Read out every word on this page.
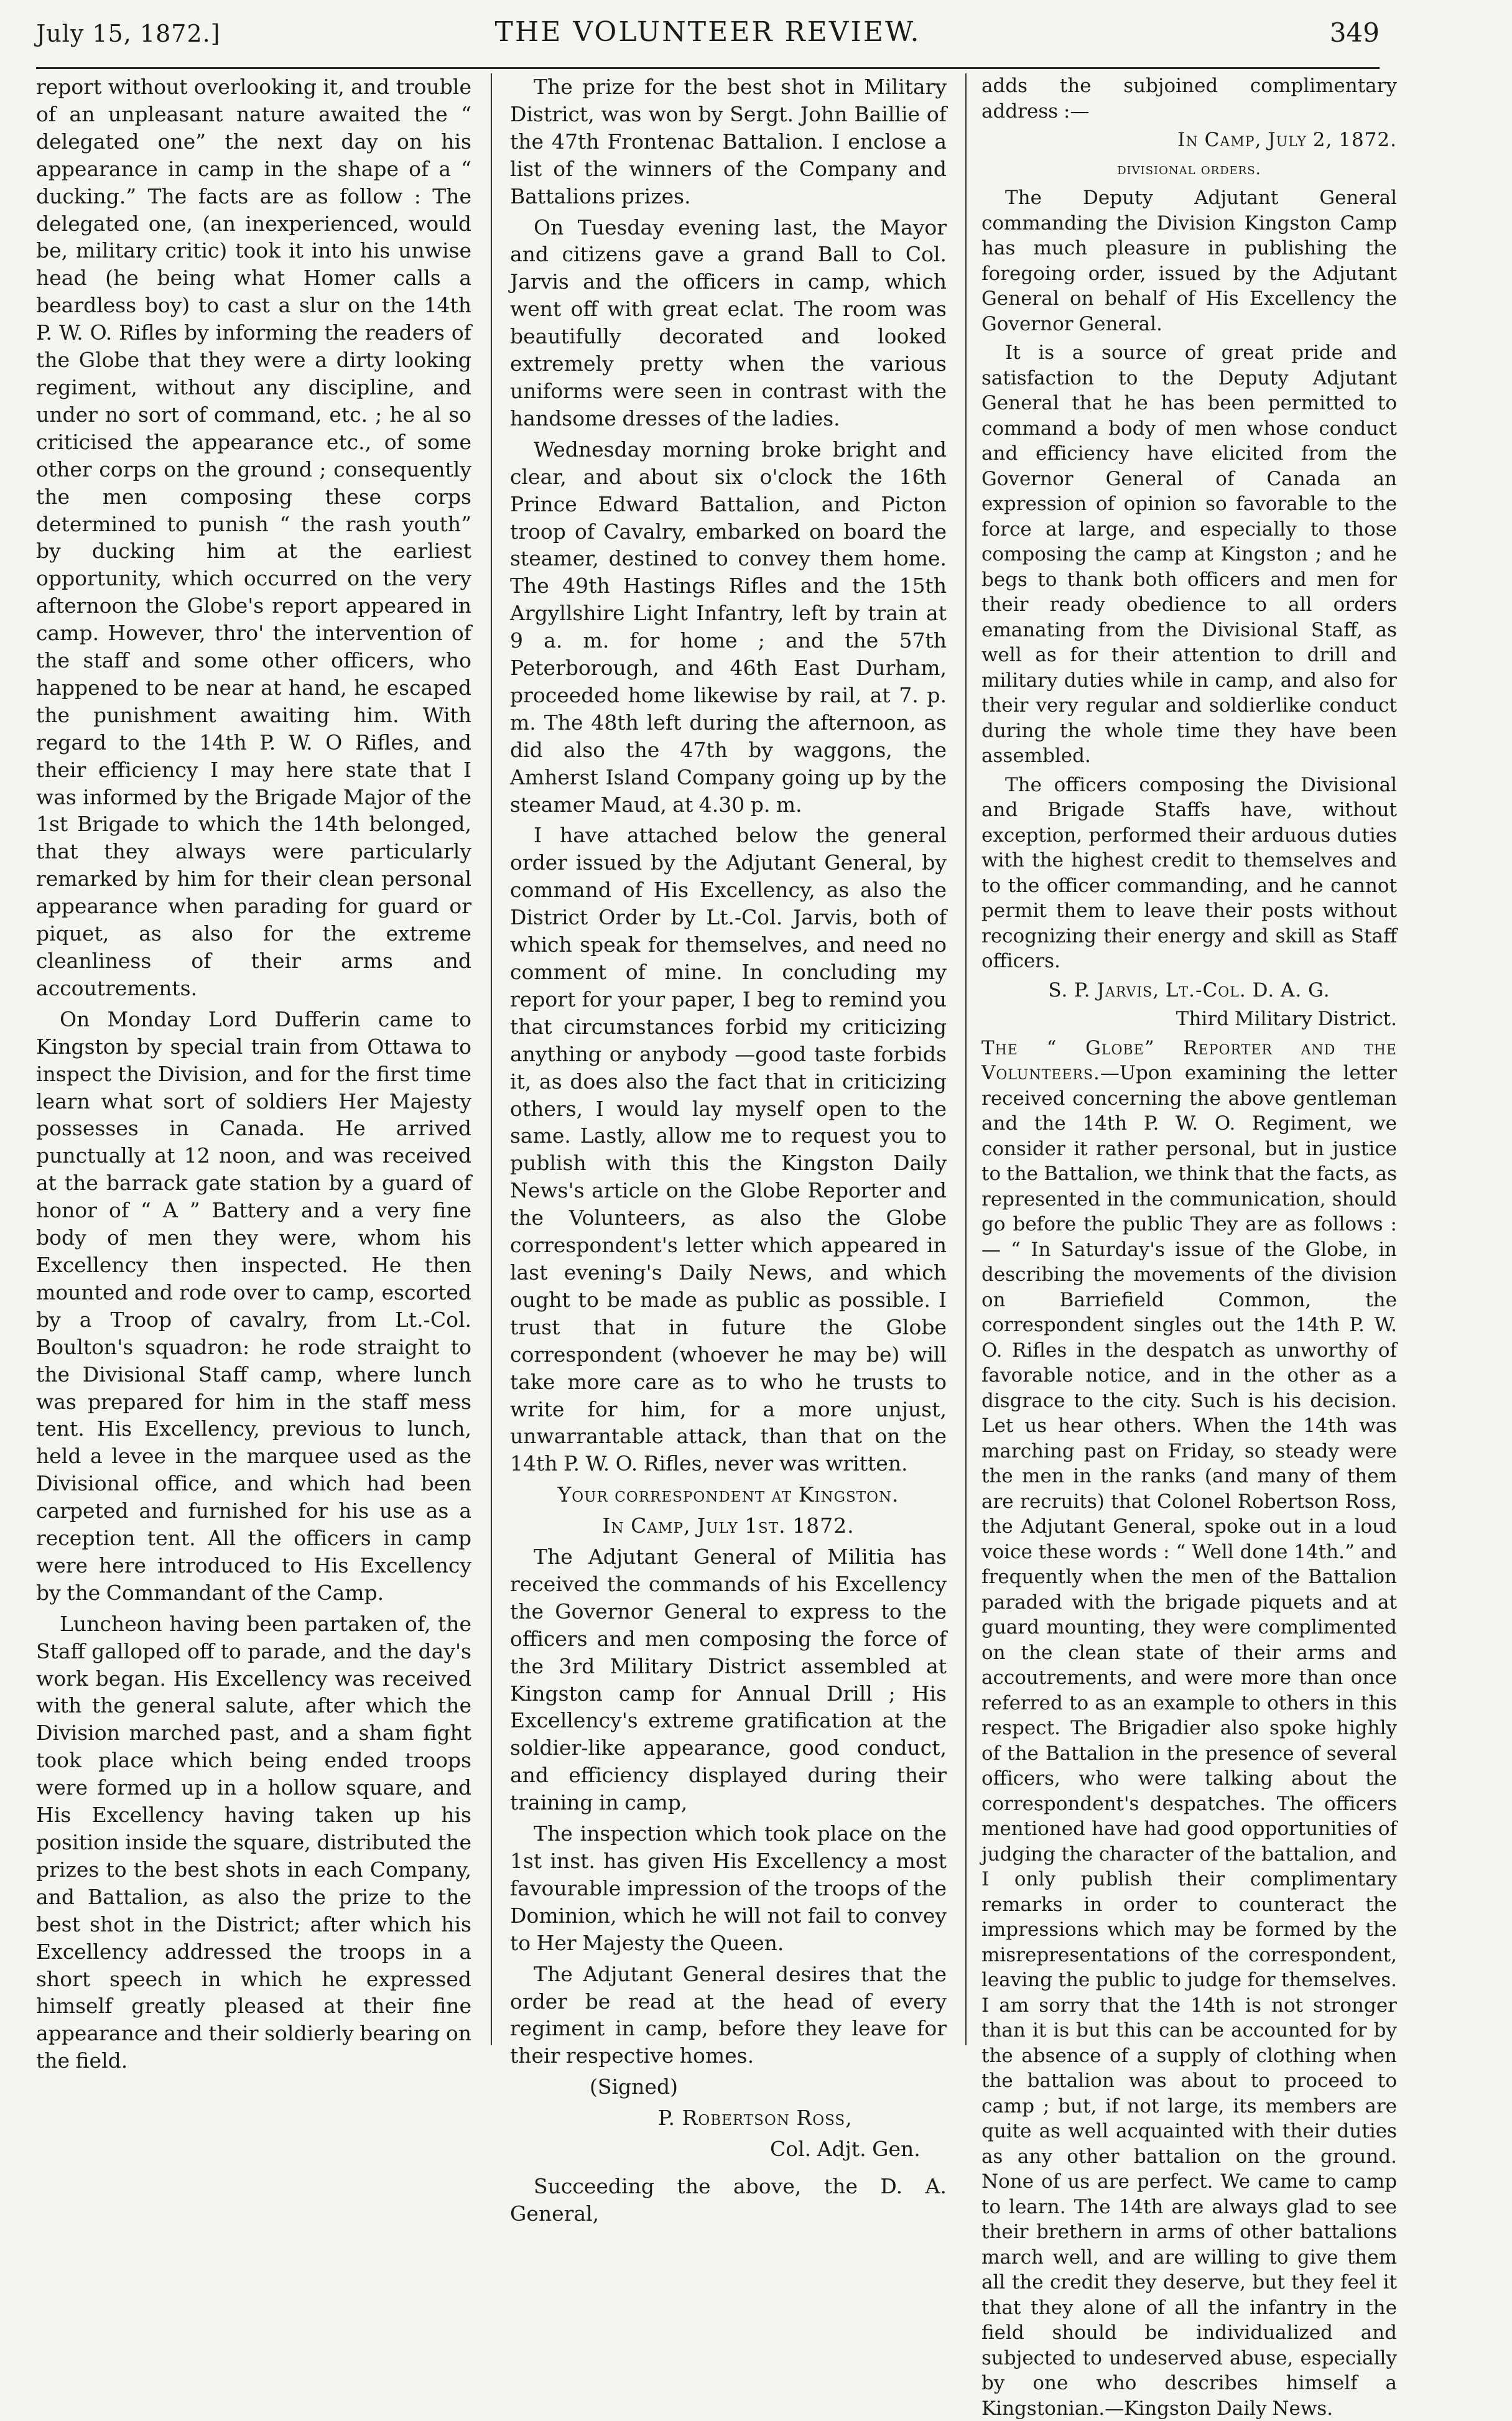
July 15, 1872.]	THE VOLUNTEER REVIEW.	349

report without overlooking it, and trouble of an unpleasant nature awaited the “ delegated one” the next day on his appearance in camp in the shape of a “ ducking.” The facts are as follow : The delegated one, (an inexperienced, would be, military critic) took it into his unwise head (he being what Homer calls a beardless boy) to cast a slur on the 14th P. W. O. Rifles by informing the readers of the Globe that they were a dirty looking regiment, without any discipline, and under no sort of command, etc. ; he al so criticised the appearance etc., of some other corps on the ground ; consequently the men composing these corps determined to punish “ the rash youth” by ducking him at the earliest opportunity, which occurred on the very afternoon the Globe's report appeared in camp. However, thro' the intervention of the staff and some other officers, who happened to be near at hand, he escaped the punishment awaiting him. With regard to the 14th P. W. O Rifles, and their efficiency I may here state that I was informed by the Brigade Major of the 1st Brigade to which the 14th belonged, that they always were particularly remarked by him for their clean personal appearance when parading for guard or piquet, as also for the extreme cleanliness of their arms and accoutrements.

On Monday Lord Dufferin came to Kingston by special train from Ottawa to inspect the Division, and for the first time learn what sort of soldiers Her Majesty possesses in Canada. He arrived punctually at 12 noon, and was received at the barrack gate station by a guard of honor of “ A ” Battery and a very fine body of men they were, whom his Excellency then inspected. He then mounted and rode over to camp, escorted by a Troop of cavalry, from Lt.-Col. Boulton's squadron: he rode straight to the Divisional Staff camp, where lunch was prepared for him in the staff mess tent. His Excellency, previous to lunch, held a levee in the marquee used as the Divisional office, and which had been carpeted and furnished for his use as a reception tent. All the officers in camp were here introduced to His Excellency by the Commandant of the Camp.

Luncheon having been partaken of, the Staff galloped off to parade, and the day's work began. His Excellency was received with the general salute, after which the Division marched past, and a sham fight took place which being ended troops were formed up in a hollow square, and His Excellency having taken up his position inside the square, distributed the prizes to the best shots in each Company, and Battalion, as also the prize to the best shot in the District; after which his Excellency addressed the troops in a short speech in which he expressed himself greatly pleased at their fine appearance and their soldierly bearing on the field.

The prize for the best shot in Military District, was won by Sergt. John Baillie of the 47th Frontenac Battalion. I enclose a list of the winners of the Company and Battalions prizes.

On Tuesday evening last, the Mayor and citizens gave a grand Ball to Col. Jarvis and the officers in camp, which went off with great eclat. The room was beautifully decorated and looked extremely pretty when the various uniforms were seen in contrast with the handsome dresses of the ladies.

Wednesday morning broke bright and clear, and about six o'clock the 16th Prince Edward Battalion, and Picton troop of Cavalry, embarked on board the steamer, destined to convey them home. The 49th Hastings Rifles and the 15th Argyllshire Light Infantry, left by train at 9 a. m. for home ; and the 57th Peterborough, and 46th East Durham, proceeded home likewise by rail, at 7. p. m. The 48th left during the afternoon, as did also the 47th by waggons, the Amherst Island Company going up by the steamer Maud, at 4.30 p. m.

I have attached below the general order issued by the Adjutant General, by command of His Excellency, as also the District Order by Lt.-Col. Jarvis, both of which speak for themselves, and need no comment of mine. In concluding my report for your paper, I beg to remind you that circumstances forbid my criticizing anything or anybody —good taste forbids it, as does also the fact that in criticizing others, I would lay myself open to the same. Lastly, allow me to request you to publish with this the Kingston Daily News's article on the Globe Reporter and the Volunteers, as also the Globe correspondent's letter which appeared in last evening's Daily News, and which ought to be made as public as possible. I trust that in future the Globe correspondent (whoever he may be) will take more care as to who he trusts to write for him, for a more unjust, unwarrantable attack, than that on the 14th P. W. O. Rifles, never was written.

Your correspondent at Kingston.

In Camp, July 1st. 1872.

The Adjutant General of Militia has received the commands of his Excellency the Governor General to express to the officers and men composing the force of the 3rd Military District assembled at Kingston camp for Annual Drill ; His Excellency's extreme gratification at the soldier-like appearance, good conduct, and efficiency displayed during their training in camp,

The inspection which took place on the 1st inst. has given His Excellency a most favourable impression of the troops of the Dominion, which he will not fail to convey to Her Majesty the Queen.

The Adjutant General desires that the order be read at the head of every regiment in camp, before they leave for their respective homes.

(Signed)

P. Robertson Ross,

Col. Adjt. Gen.

Succeeding the above, the D. A. General,

adds the subjoined complimentary address :—

In Camp, July 2, 1872.

divisional orders.

The Deputy Adjutant General commanding the Division Kingston Camp has much pleasure in publishing the foregoing order, issued by the Adjutant General on behalf of His Excellency the Governor General.

It is a source of great pride and satisfaction to the Deputy Adjutant General that he has been permitted to command a body of men whose conduct and efficiency have elicited from the Governor General of Canada an expression of opinion so favorable to the force at large, and especially to those composing the camp at Kingston ; and he begs to thank both officers and men for their ready obedience to all orders emanating from the Divisional Staff, as well as for their attention to drill and military duties while in camp, and also for their very regular and soldierlike conduct during the whole time they have been assembled.

The officers composing the Divisional and Brigade Staffs have, without exception, performed their arduous duties with the highest credit to themselves and to the officer commanding, and he cannot permit them to leave their posts without recognizing their energy and skill as Staff officers.

S. P. Jarvis, Lt.-Col. D. A. G.

Third Military District.

The “ Globe” Reporter and the Volunteers.—Upon examining the letter received concerning the above gentleman and the 14th P. W. O. Regiment, we consider it rather personal, but in justice to the Battalion, we think that the facts, as represented in the communication, should go before the public They are as follows :— “ In Saturday's issue of the Globe, in describing the movements of the division on Barriefield Common, the correspondent singles out the 14th P. W. O. Rifles in the despatch as unworthy of favorable notice, and in the other as a disgrace to the city. Such is his decision. Let us hear others. When the 14th was marching past on Friday, so steady were the men in the ranks (and many of them are recruits) that Colonel Robertson Ross, the Adjutant General, spoke out in a loud voice these words : “ Well done 14th.” and frequently when the men of the Battalion paraded with the brigade piquets and at guard mounting, they were complimented on the clean state of their arms and accoutrements, and were more than once referred to as an example to others in this respect. The Brigadier also spoke highly of the Battalion in the presence of several officers, who were talking about the correspondent's despatches. The officers mentioned have had good opportunities of judging the character of the battalion, and I only publish their complimentary remarks in order to counteract the impressions which may be formed by the misrepresentations of the correspondent, leaving the public to judge for themselves. I am sorry that the 14th is not stronger than it is but this can be accounted for by the absence of a supply of clothing when the battalion was about to proceed to camp ; but, if not large, its members are quite as well acquainted with their duties as any other battalion on the ground. None of us are perfect. We came to camp to learn. The 14th are always glad to see their brethern in arms of other battalions march well, and are willing to give them all the credit they deserve, but they feel it that they alone of all the infantry in the field should be individualized and subjected to undeserved abuse, especially by one who describes himself a Kingstonian.—Kingston Daily News.
